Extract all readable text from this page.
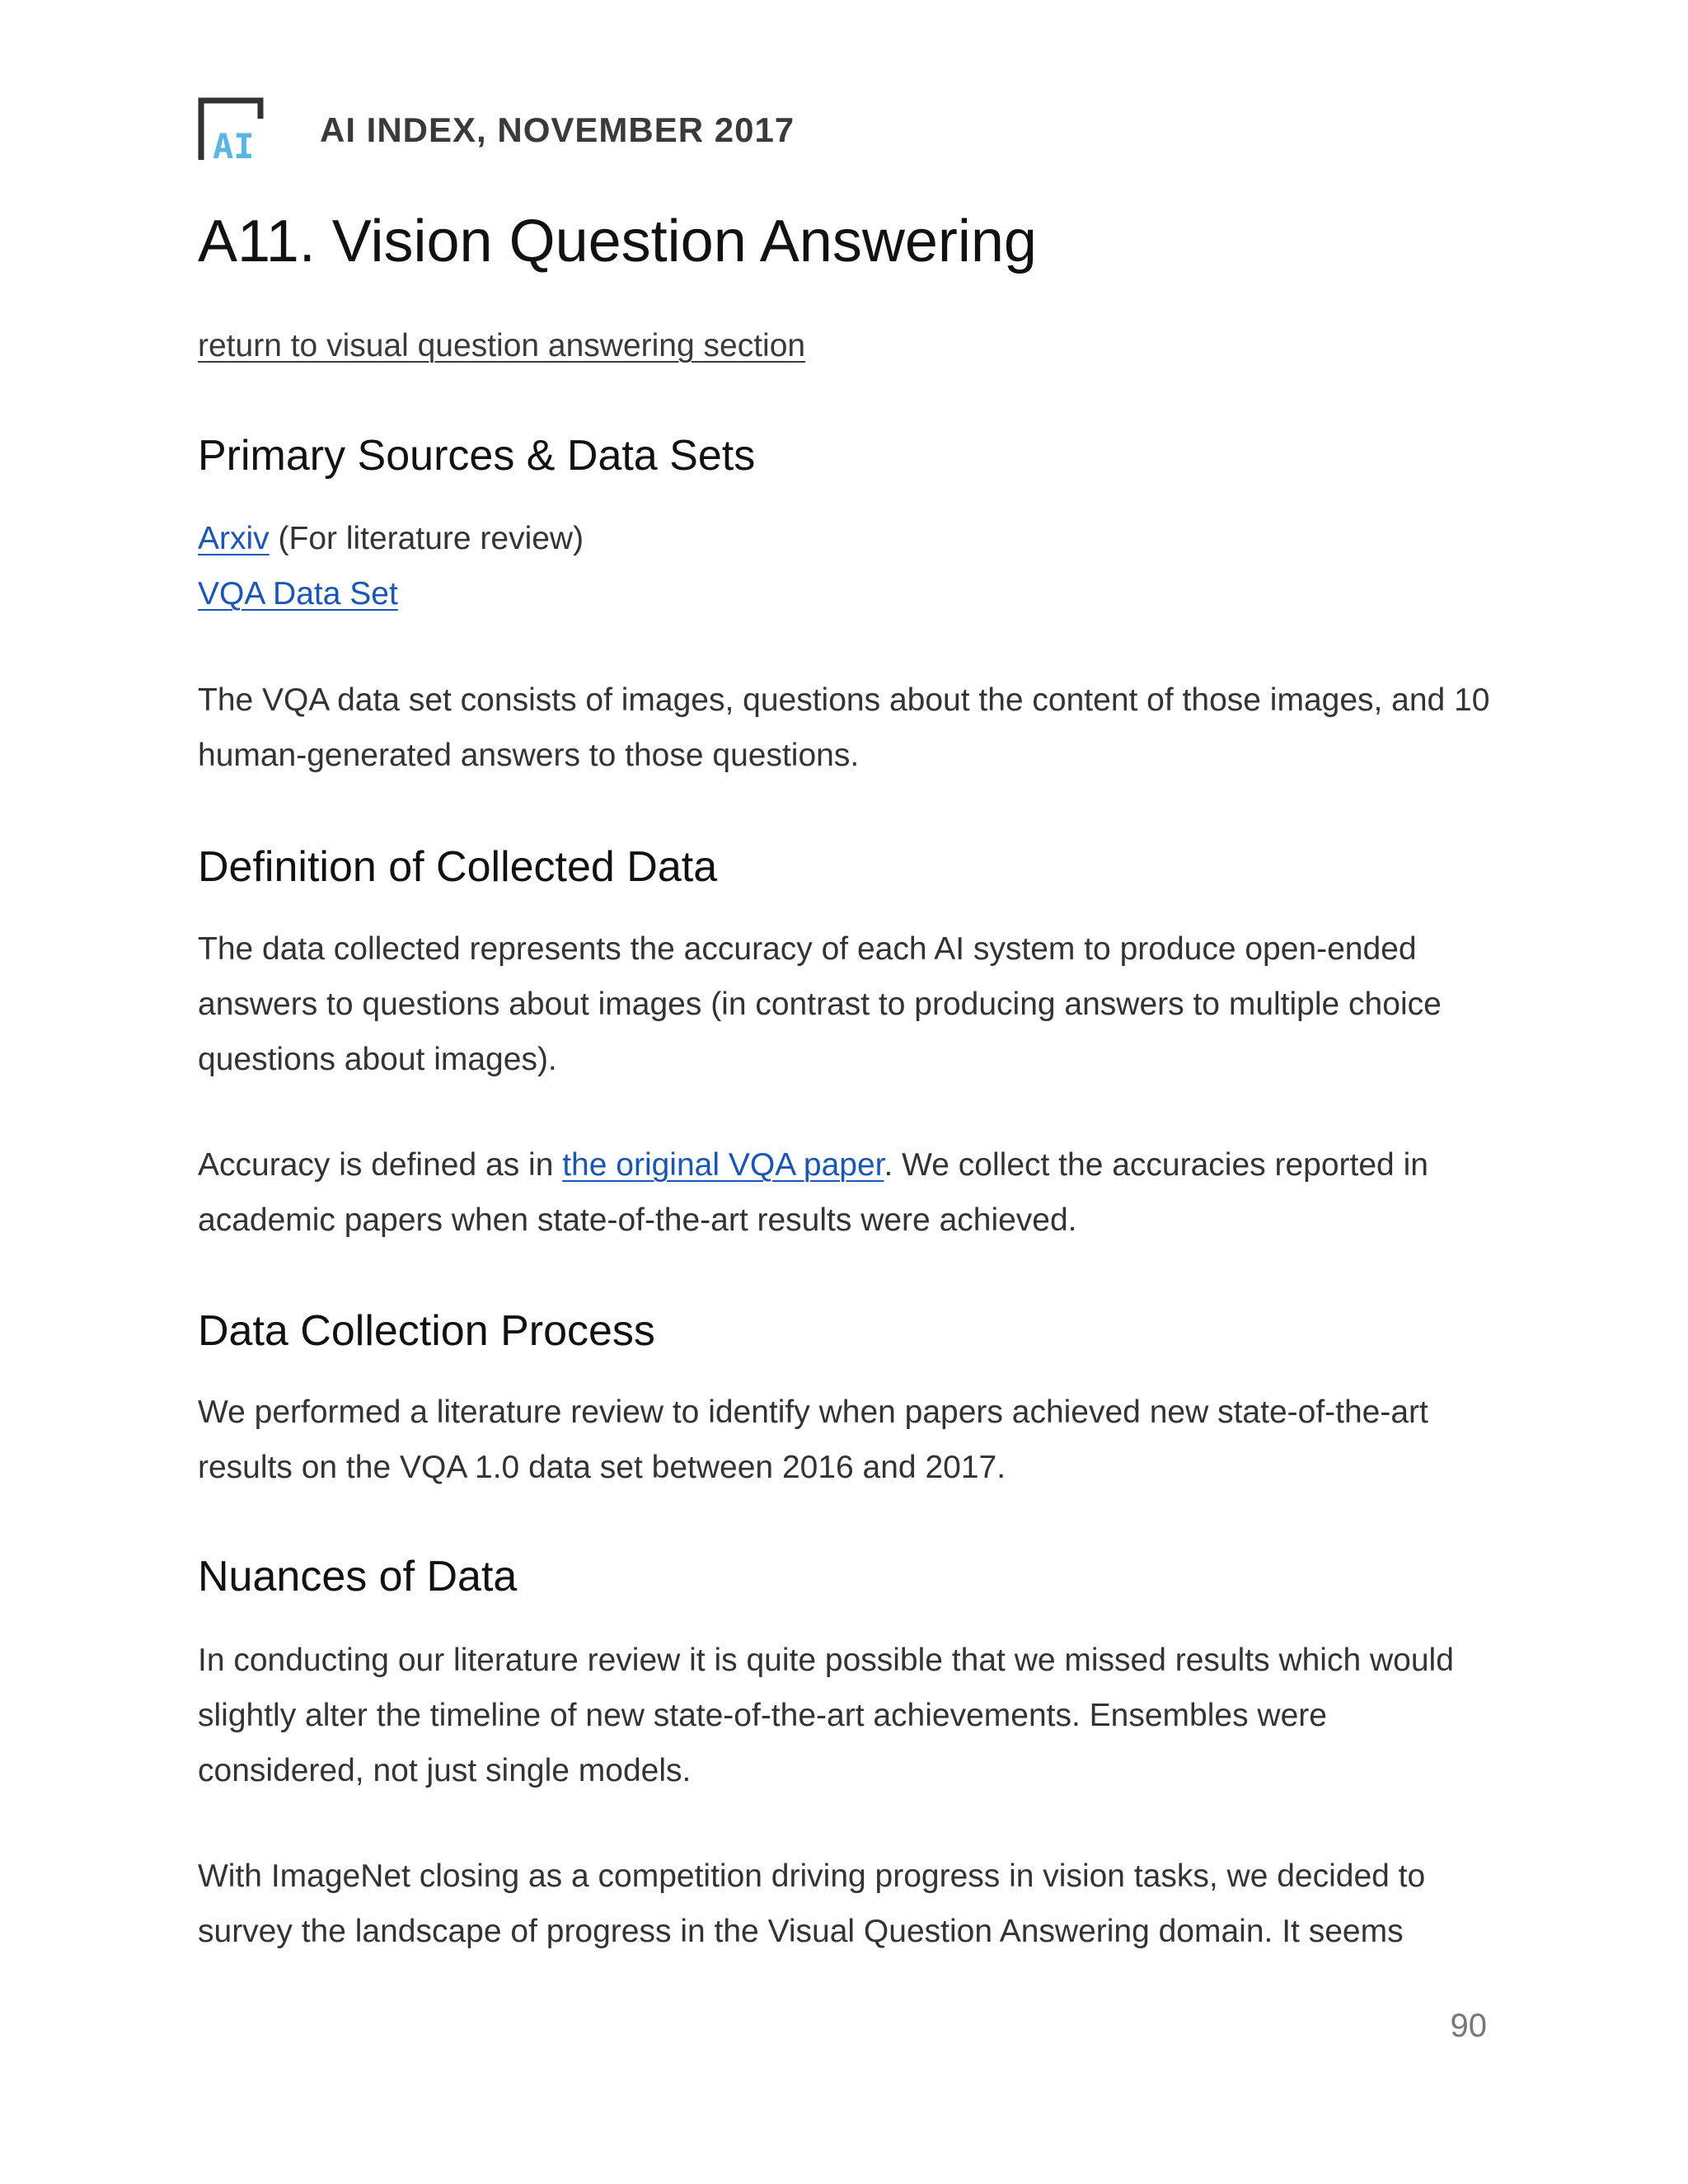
AI AI INDEX, NOVEMBER 2017
A11. Vision Question Answering
return to visual question answering section
Primary Sources & Data Sets

Arxiv (For literature review)

VQA Data Set

The VQA data set consists of images, questions about the content of those images, and 10 human-generated answers to those questions.

Definition of Collected Data

The data collected represents the accuracy of each AI system to produce open-ended answers to questions about images (in contrast to producing answers to multiple choice questions about images).

Accuracy is defined as in the original VQA paper. We collect the accuracies reported in academic papers when state-of-the-art results were achieved.

Data Collection Process

We performed a literature review to identify when papers achieved new state-of-the-art results on the VQA 1.0 data set between 2016 and 2017.

Nuances of Data

In conducting our literature review it is quite possible that we missed results which would slightly alter the timeline of new state-of-the-art achievements. Ensembles were considered, not just single models.

With ImageNet closing as a competition driving progress in vision tasks, we decided to survey the landscape of progress in the Visual Question Answering domain. It seems

90
